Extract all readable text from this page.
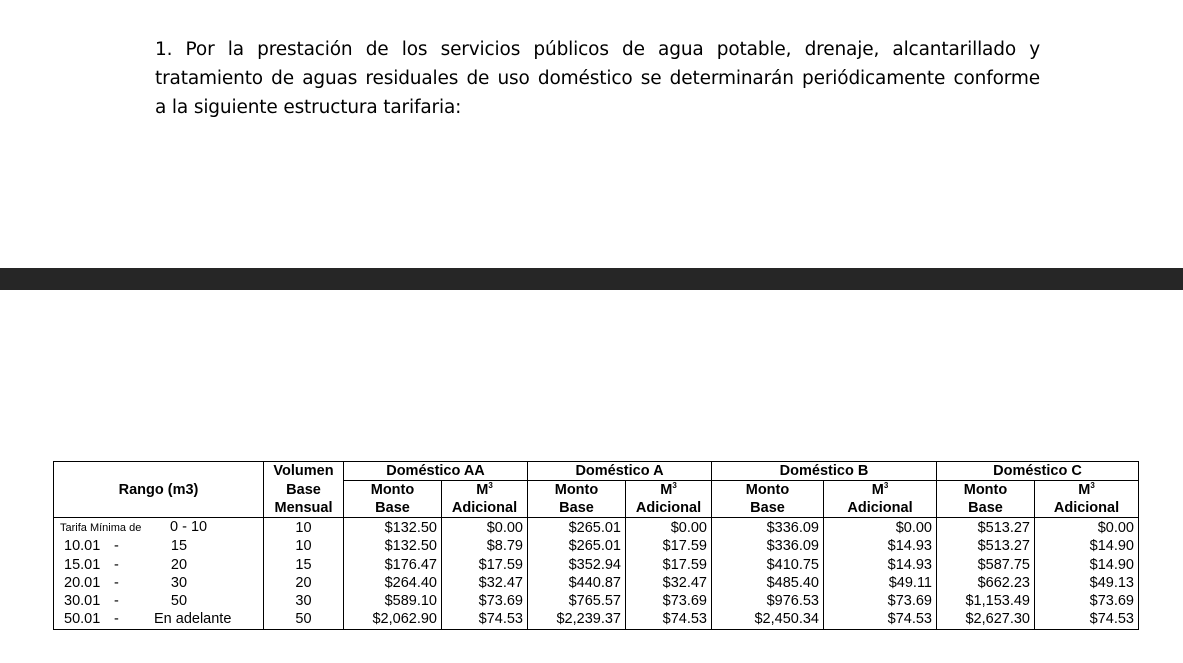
1. Por la prestación de los servicios públicos de agua potable, drenaje, alcantarillado y
tratamiento de aguas residuales de uso doméstico se determinarán periódicamente conforme
a la siguiente estructura tarifaria:
Rango (m3)	Volumen	Doméstico AA		Doméstico A		Doméstico B		Doméstico C	
	Base	Monto	$M^3$	Monto	$M^3$	Monto	$M^3$	Monto	$M^3$
	Mensual	Base	Adicional	Base	Adicional	Base	Adicional	Base	Adicional
Tarifa Mínima de 0 - 10	10	$132.50	$0.00	$265.01	$0.00	$336.09	$0.00	$513.27	$0.00
10.01 - 15	10	$132.50	$8.79	$265.01	$17.59	$336.09	$14.93	$513.27	$14.90
15.01 - 20	15	$176.47	$17.59	$352.94	$17.59	$410.75	$14.93	$587.75	$14.90
20.01 - 30	20	$264.40	$32.47	$440.87	$32.47	$485.40	$49.11	$662.23	$49.13
30.01 - 50	30	$589.10	$73.69	$765.57	$73.69	$976.53	$73.69	$1,153.49	$73.69
50.01 - En adelante	50	$2,062.90	$74.53	$2,239.37	$74.53	$2,450.34	$74.53	$2,627.30	$74.53
